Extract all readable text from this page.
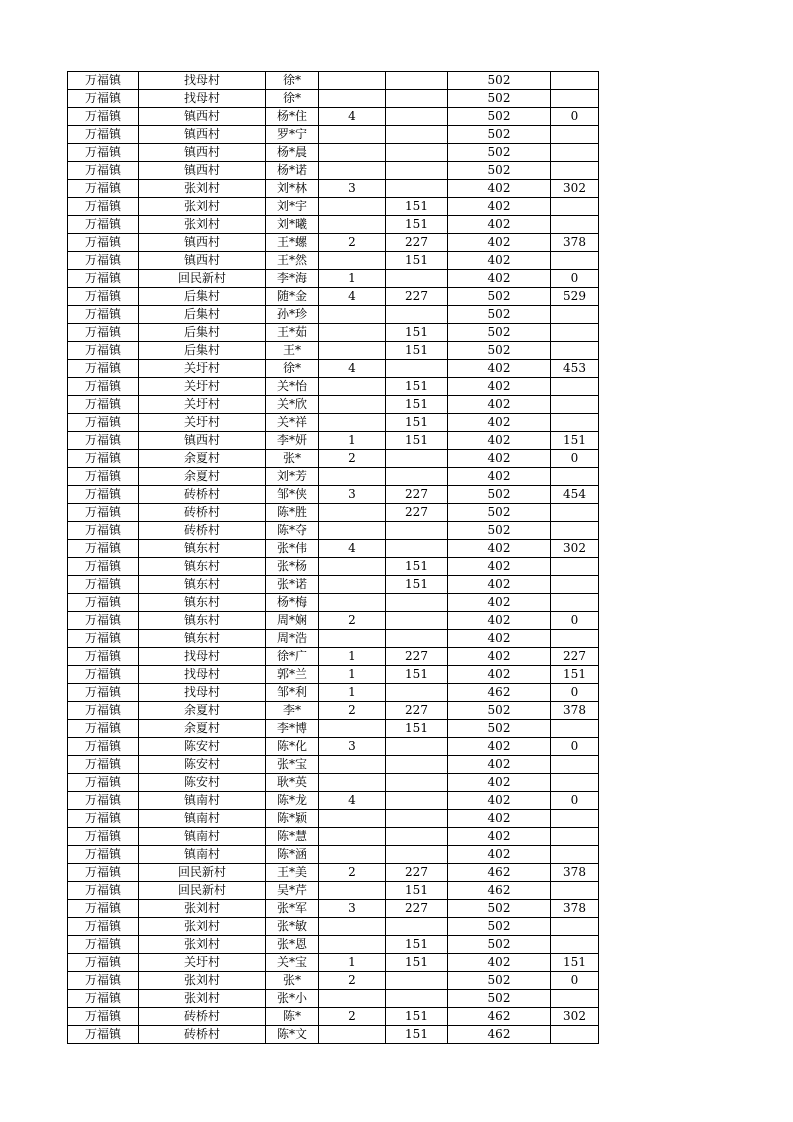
万福镇	找母村	徐*			502	
万福镇	找母村	徐*			502	
万福镇	镇西村	杨*住	4		502	0
万福镇	镇西村	罗*宁			502	
万福镇	镇西村	杨*晨			502	
万福镇	镇西村	杨*诺			502	
万福镇	张刘村	刘*林	3		402	302
万福镇	张刘村	刘*宇		151	402	
万福镇	张刘村	刘*曦		151	402	
万福镇	镇西村	王*螺	2	227	402	378
万福镇	镇西村	王*然		151	402	
万福镇	回民新村	李*海	1		402	0
万福镇	后集村	随*金	4	227	502	529
万福镇	后集村	孙*珍			502	
万福镇	后集村	王*茹		151	502	
万福镇	后集村	王*		151	502	
万福镇	关圩村	徐*	4		402	453
万福镇	关圩村	关*怡		151	402	
万福镇	关圩村	关*欣		151	402	
万福镇	关圩村	关*祥		151	402	
万福镇	镇西村	李*妍	1	151	402	151
万福镇	余夏村	张*	2		402	0
万福镇	余夏村	刘*芳			402	
万福镇	砖桥村	邹*侠	3	227	502	454
万福镇	砖桥村	陈*胜		227	502	
万福镇	砖桥村	陈*夺			502	
万福镇	镇东村	张*伟	4		402	302
万福镇	镇东村	张*杨		151	402	
万福镇	镇东村	张*诺		151	402	
万福镇	镇东村	杨*梅			402	
万福镇	镇东村	周*娴	2		402	0
万福镇	镇东村	周*浩			402	
万福镇	找母村	徐*广	1	227	402	227
万福镇	找母村	郭*兰	1	151	402	151
万福镇	找母村	邹*利	1		462	0
万福镇	余夏村	李*	2	227	502	378
万福镇	余夏村	李*博		151	502	
万福镇	陈安村	陈*化	3		402	0
万福镇	陈安村	张*宝			402	
万福镇	陈安村	耿*英			402	
万福镇	镇南村	陈*龙	4		402	0
万福镇	镇南村	陈*颖			402	
万福镇	镇南村	陈*慧			402	
万福镇	镇南村	陈*涵			402	
万福镇	回民新村	王*美	2	227	462	378
万福镇	回民新村	吴*芹		151	462	
万福镇	张刘村	张*军	3	227	502	378
万福镇	张刘村	张*敏			502	
万福镇	张刘村	张*恩		151	502	
万福镇	关圩村	关*宝	1	151	402	151
万福镇	张刘村	张*	2		502	0
万福镇	张刘村	张*小			502	
万福镇	砖桥村	陈*	2	151	462	302
万福镇	砖桥村	陈*文		151	462	
